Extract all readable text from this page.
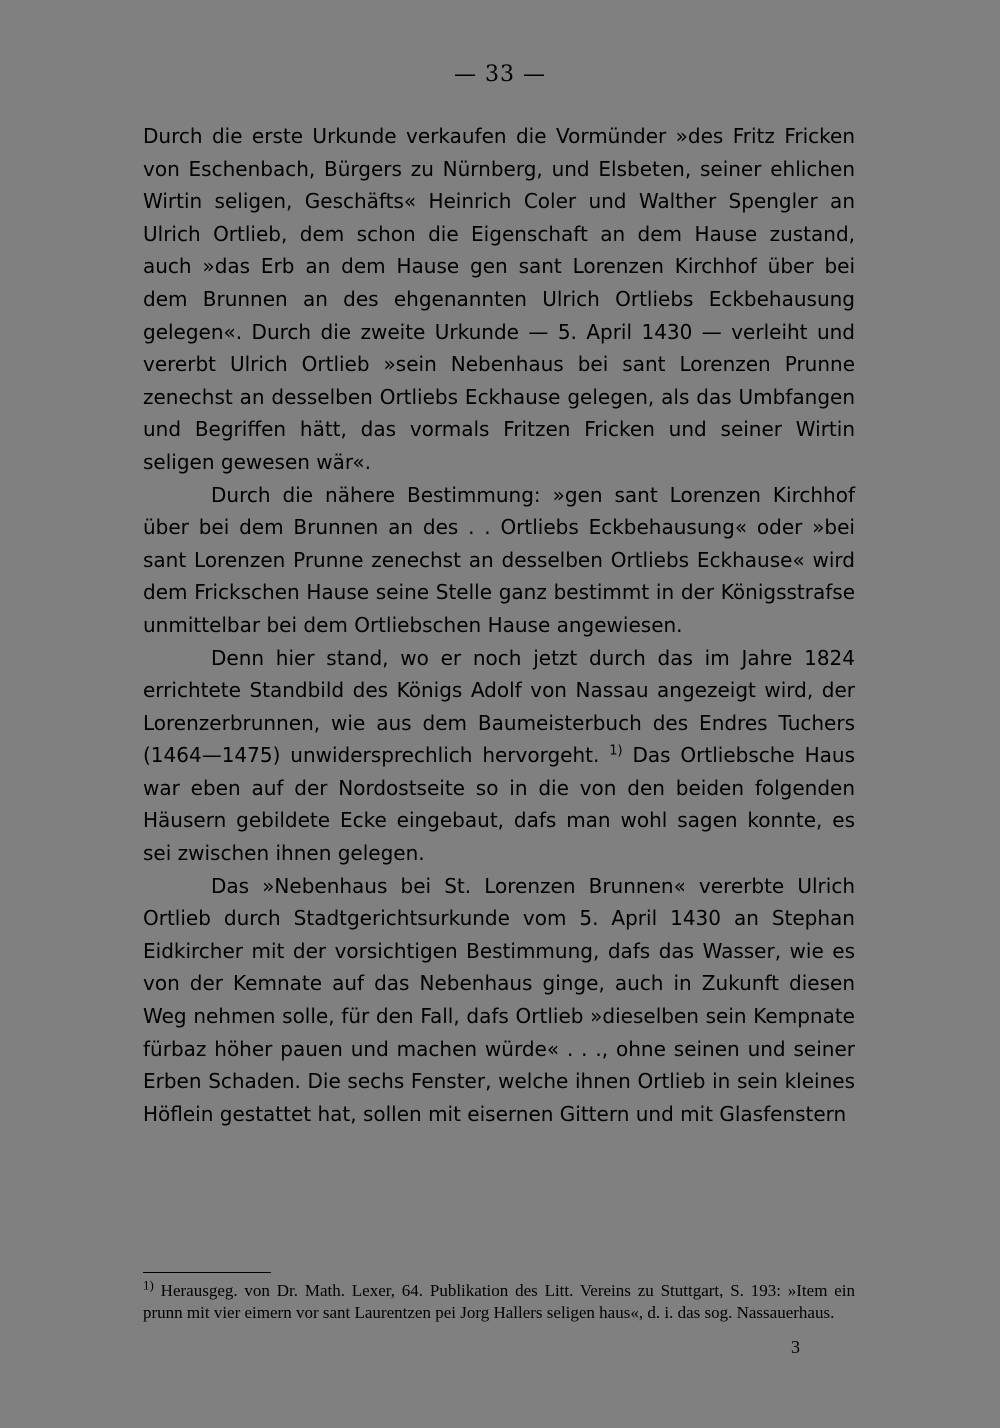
— 33 —

Durch die erste Urkunde verkaufen die Vormünder »des Fritz Fricken von Eschenbach, Bürgers zu Nürnberg, und Elsbeten, seiner ehlichen Wirtin seligen, Geschäfts« Heinrich Coler und Walther Spengler an Ulrich Ortlieb, dem schon die Eigenschaft an dem Hause zustand, auch »das Erb an dem Hause gen sant Lorenzen Kirchhof über bei dem Brunnen an des ehgenannten Ulrich Ortliebs Eckbehausung gelegen«. Durch die zweite Urkunde — 5. April 1430 — verleiht und vererbt Ulrich Ortlieb »sein Nebenhaus bei sant Lorenzen Prunne zenechst an desselben Ortliebs Eckhause gelegen, als das Umbfangen und Begriffen hätt, das vormals Fritzen Fricken und seiner Wirtin seligen gewesen wär«.

Durch die nähere Bestimmung: »gen sant Lorenzen Kirchhof über bei dem Brunnen an des . . Ortliebs Eckbehausung« oder »bei sant Lorenzen Prunne zenechst an desselben Ortliebs Eckhause« wird dem Frickschen Hause seine Stelle ganz bestimmt in der Königsstrafse unmittelbar bei dem Ortliebschen Hause angewiesen.

Denn hier stand, wo er noch jetzt durch das im Jahre 1824 errichtete Standbild des Königs Adolf von Nassau angezeigt wird, der Lorenzerbrunnen, wie aus dem Baumeisterbuch des Endres Tuchers (1464—1475) unwidersprechlich hervorgeht. $^{1)}$ Das Ortliebsche Haus war eben auf der Nordostseite so in die von den beiden folgenden Häusern gebildete Ecke eingebaut, dafs man wohl sagen konnte, es sei zwischen ihnen gelegen.

Das »Nebenhaus bei St. Lorenzen Brunnen« vererbte Ulrich Ortlieb durch Stadtgerichtsurkunde vom 5. April 1430 an Stephan Eidkircher mit der vorsichtigen Bestimmung, dafs das Wasser, wie es von der Kemnate auf das Nebenhaus ginge, auch in Zukunft diesen Weg nehmen solle, für den Fall, dafs Ortlieb »dieselben sein Kempnate fürbaz höher pauen und machen würde« . . ., ohne seinen und seiner Erben Schaden. Die sechs Fenster, welche ihnen Ortlieb in sein kleines Höflein gestattet hat, sollen mit eisernen Gittern und mit Glasfenstern

$^{1)}$ Herausgeg. von Dr. Math. Lexer, 64. Publikation des Litt. Vereins zu Stuttgart, S. 193: »Item ein prunn mit vier eimern vor sant Laurentzen pei Jorg Hallers seligen haus«, d. i. das sog. Nassauerhaus.
3
